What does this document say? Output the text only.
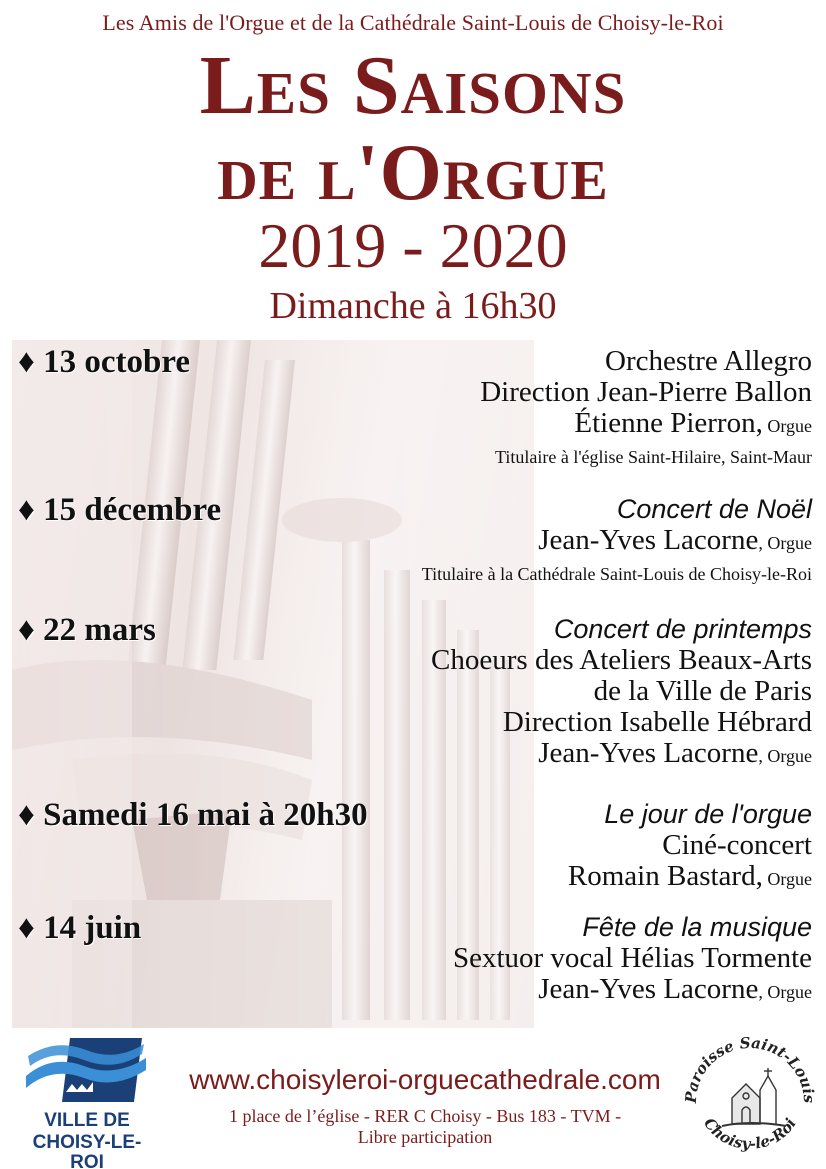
Les Amis de l'Orgue et de la Cathédrale Saint-Louis de Choisy-le-Roi
Les Saisons
de l'Orgue
2019 - 2020
Dimanche à 16h30
♦ 13 octobre	Orchestre Allegro
Direction Jean-Pierre Ballon
Étienne Pierron, Orgue
Titulaire à l'église Saint-Hilaire, Saint-Maur
♦ 15 décembre	Concert de Noël
Jean-Yves Lacorne, Orgue
Titulaire à la Cathédrale Saint-Louis de Choisy-le-Roi
♦ 22 mars	Concert de printemps
Choeurs des Ateliers Beaux-Arts
de la Ville de Paris
Direction Isabelle Hébrard
Jean-Yves Lacorne, Orgue
♦ Samedi 16 mai à 20h30	Le jour de l'orgue
Ciné-concert
Romain Bastard, Orgue
♦ 14 juin	Fête de la musique
Sextuor vocal Hélias Tormente
Jean-Yves Lacorne, Orgue
VILLE DE
CHOISY-LE-ROI
www.choisyleroi-orguecathedrale.com
1 place de l’église - RER C Choisy - Bus 183 - TVM -
Libre participation
Paroisse Saint-Louis
Choisy-le-Roi
